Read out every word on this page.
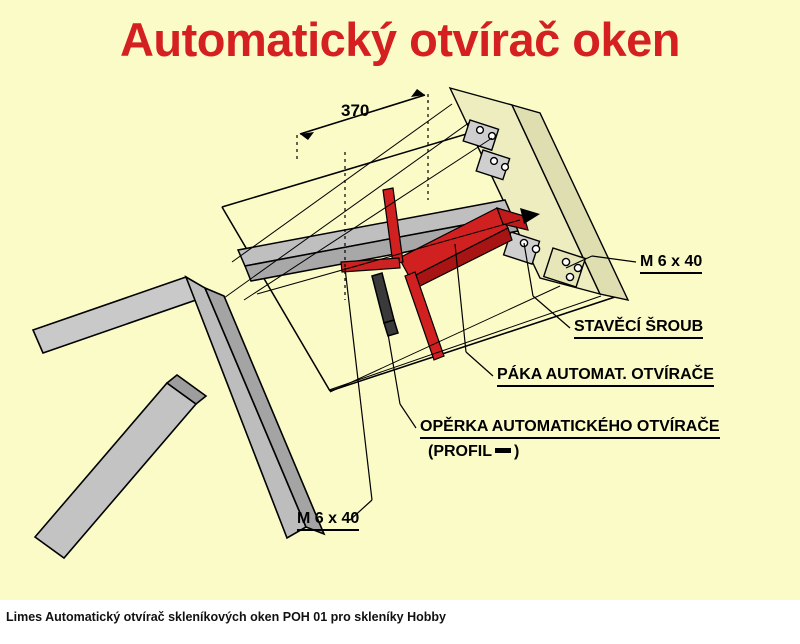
Automatický otvírač oken
370
M 6 x 40
STAVĚCÍ ŠROUB
PÁKA AUTOMAT. OTVÍRAČE
OPĚRKA AUTOMATICKÉHO OTVÍRAČE
(PROFIL )
M 6 x 40
Limes Automatický otvírač skleníkových oken POH 01 pro skleníky Hobby
